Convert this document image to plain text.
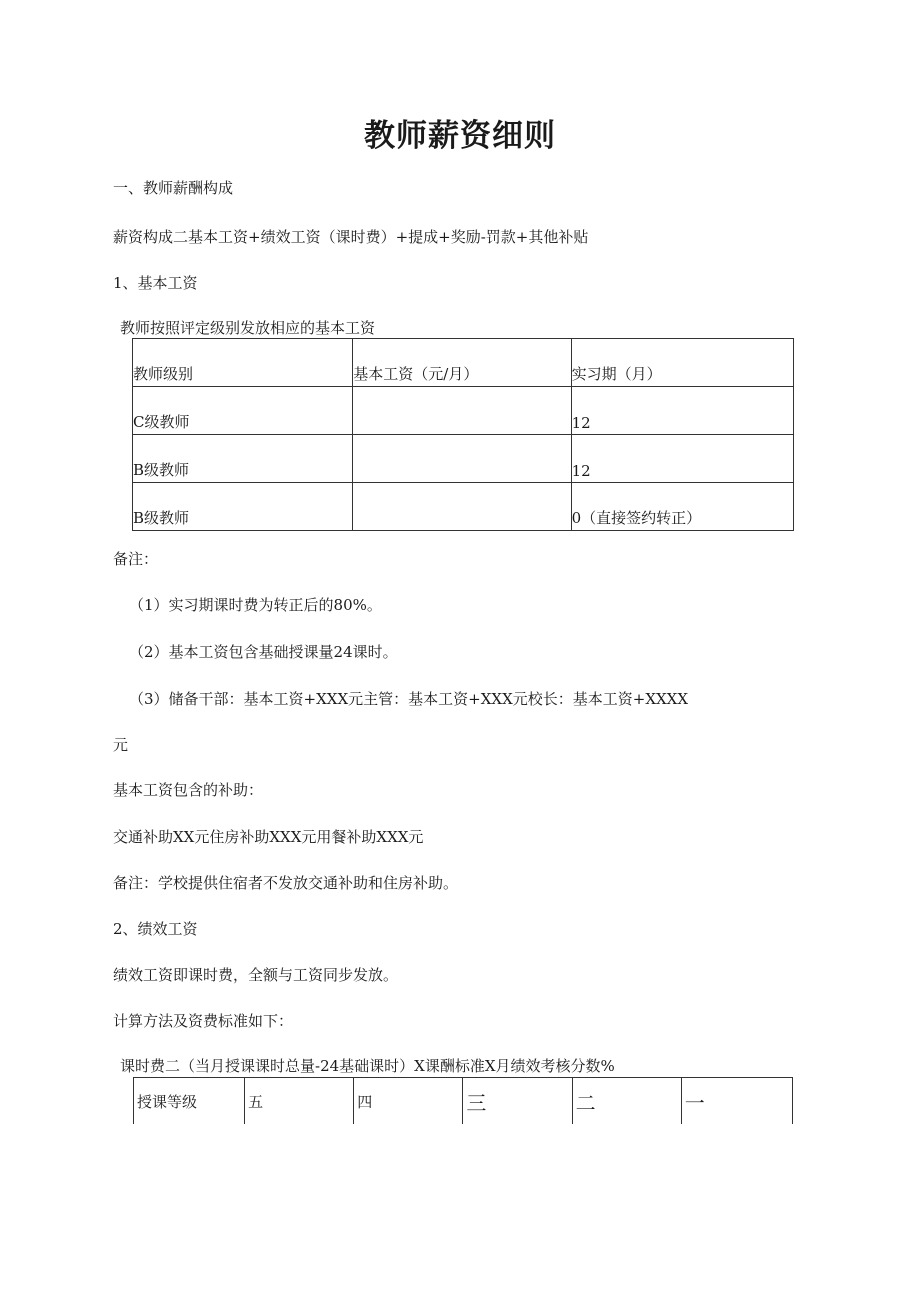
教师薪资细则
一、教师薪酬构成
薪资构成二基本工资+绩效工资（课时费）+提成+奖励-罚款+其他补贴
1、基本工资
教师按照评定级别发放相应的基本工资
教师级别	基本工资（元/月）	实习期（月）
C级教师		12
B级教师		12
B级教师		0（直接签约转正）
备注：
（1）实习期课时费为转正后的80%。
（2）基本工资包含基础授课量24课时。
（3）储备干部：基本工资+XXX元主管：基本工资+XXX元校长：基本工资+XXXX
元
基本工资包含的补助：
交通补助XX元住房补助XXX元用餐补助XXX元
备注：学校提供住宿者不发放交通补助和住房补助。
2、绩效工资
绩效工资即课时费，全额与工资同步发放。
计算方法及资费标准如下：
课时费二（当月授课课时总量-24基础课时）X课酬标准X月绩效考核分数%
授课等级	五	四	三	二	一
